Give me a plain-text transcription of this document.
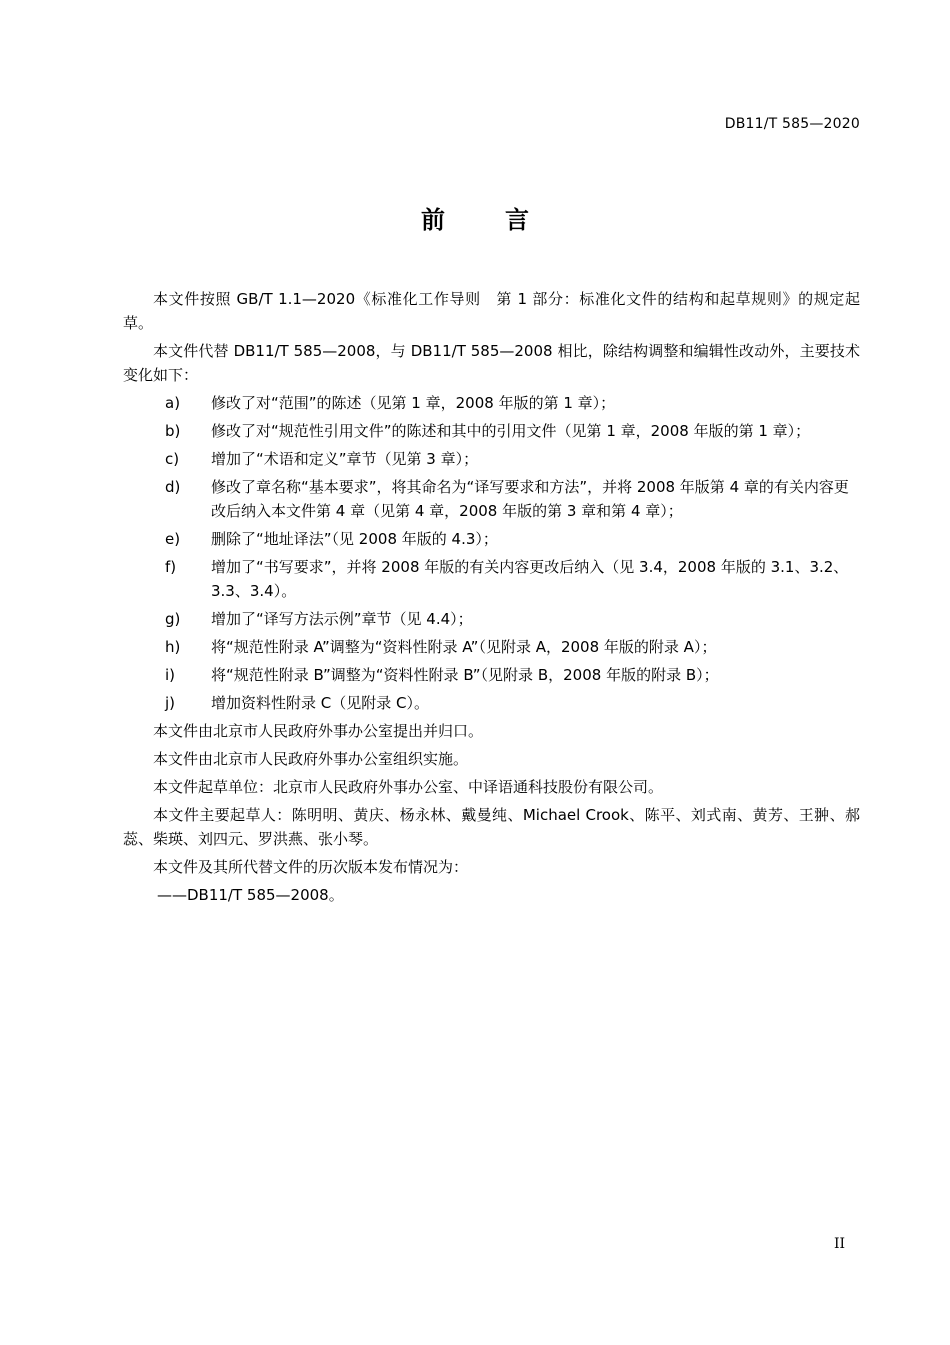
DB11/T 585—2020
前	言

本文件按照 GB/T 1.1—2020《标准化工作导则　第 1 部分：标准化文件的结构和起草规则》的规定起草。

本文件代替 DB11/T 585—2008，与 DB11/T 585—2008 相比，除结构调整和编辑性改动外，主要技术变化如下：

a)	修改了对“范围”的陈述（见第 1 章，2008 年版的第 1 章）；
b)	修改了对“规范性引用文件”的陈述和其中的引用文件（见第 1 章，2008 年版的第 1 章）；
c)	增加了“术语和定义”章节（见第 3 章）；
d)	修改了章名称“基本要求”，将其命名为“译写要求和方法”，并将 2008 年版第 4 章的有关内容更改后纳入本文件第 4 章（见第 4 章，2008 年版的第 3 章和第 4 章）；
e)	删除了“地址译法”（见 2008 年版的 4.3）；
f)	增加了“书写要求”，并将 2008 年版的有关内容更改后纳入（见 3.4，2008 年版的 3.1、3.2、3.3、3.4）。
g)	增加了“译写方法示例”章节（见 4.4）；
h)	将“规范性附录 A”调整为“资料性附录 A”（见附录 A，2008 年版的附录 A）；
i)	将“规范性附录 B”调整为“资料性附录 B”（见附录 B，2008 年版的附录 B）；
j)	增加资料性附录 C（见附录 C）。

本文件由北京市人民政府外事办公室提出并归口。

本文件由北京市人民政府外事办公室组织实施。

本文件起草单位：北京市人民政府外事办公室、中译语通科技股份有限公司。

本文件主要起草人：陈明明、黄庆、杨永林、戴曼纯、Michael Crook、陈平、刘式南、黄芳、王翀、郝蕊、柴瑛、刘四元、罗洪燕、张小琴。

本文件及其所代替文件的历次版本发布情况为：

——DB11/T 585—2008。

II
